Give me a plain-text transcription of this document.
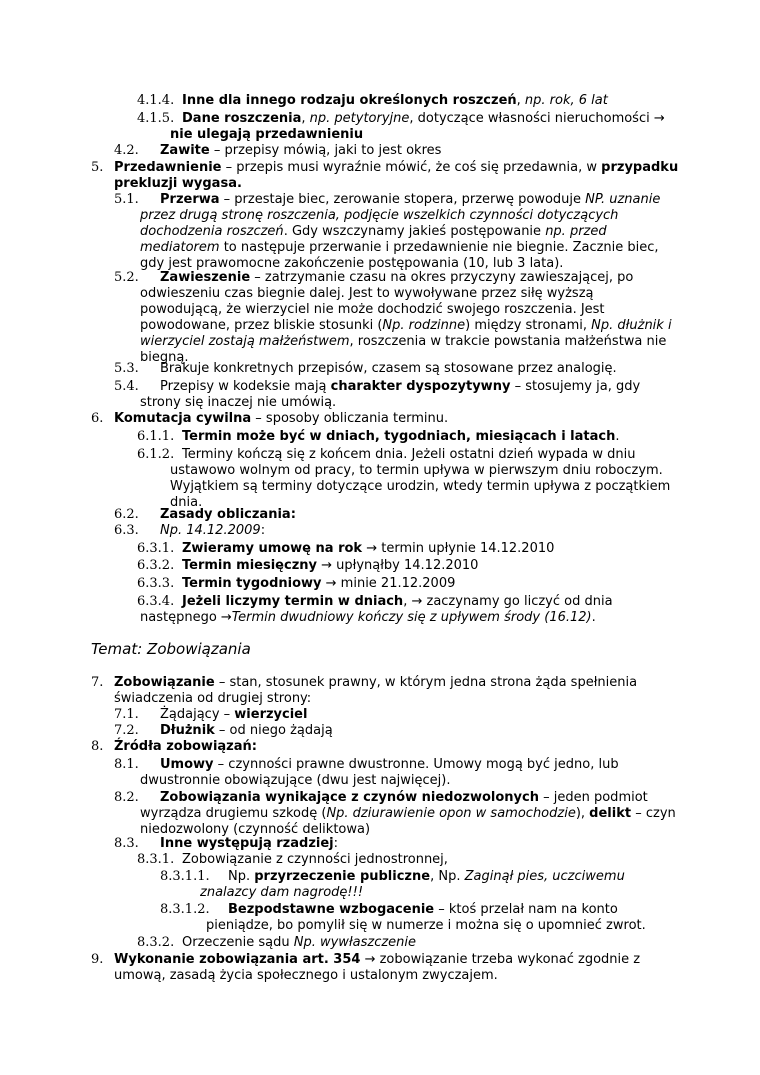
Temat: Zobowiązania
4.1.4. Inne dla innego rodzaju określonych roszczeń, np. rok, 6 lat
4.1.5. Dane roszczenia, np. petytoryjne, dotyczące własności nieruchomości →
nie ulegają przedawnieniu
4.2. Zawite – przepisy mówią, jaki to jest okres
5. Przedawnienie – przepis musi wyraźnie mówić, że coś się przedawnia, w przypadku
prekluzji wygasa.
5.1. Przerwa – przestaje biec, zerowanie stopera, przerwę powoduje NP. uznanie
przez drugą stronę roszczenia, podjęcie wszelkich czynności dotyczących
dochodzenia roszczeń. Gdy wszczynamy jakieś postępowanie np. przed
mediatorem to następuje przerwanie i przedawnienie nie biegnie. Zacznie biec,
gdy jest prawomocne zakończenie postępowania (10, lub 3 lata).
5.2. Zawieszenie – zatrzymanie czasu na okres przyczyny zawieszającej, po
odwieszeniu czas biegnie dalej. Jest to wywoływane przez siłę wyższą
powodującą, że wierzyciel nie może dochodzić swojego roszczenia. Jest
powodowane, przez bliskie stosunki (Np. rodzinne) między stronami, Np. dłużnik i
wierzyciel zostają małżeństwem, roszczenia w trakcie powstania małżeństwa nie
biegną.
5.3. Brakuje konkretnych przepisów, czasem są stosowane przez analogię.
5.4. Przepisy w kodeksie mają charakter dyspozytywny – stosujemy ja, gdy
strony się inaczej nie umówią.
6. Komutacja cywilna – sposoby obliczania terminu.
6.1.1. Termin może być w dniach, tygodniach, miesiącach i latach.
6.1.2. Terminy kończą się z końcem dnia. Jeżeli ostatni dzień wypada w dniu
ustawowo wolnym od pracy, to termin upływa w pierwszym dniu roboczym.
Wyjątkiem są terminy dotyczące urodzin, wtedy termin upływa z początkiem
dnia.
6.2. Zasady obliczania:
6.3. Np. 14.12.2009:
6.3.1. Zwieramy umowę na rok → termin upłynie 14.12.2010
6.3.2. Termin miesięczny → upłynąłby 14.12.2010
6.3.3. Termin tygodniowy → minie 21.12.2009
6.3.4. Jeżeli liczymy termin w dniach, → zaczynamy go liczyć od dnia
następnego →Termin dwudniowy kończy się z upływem środy (16.12).
7. Zobowiązanie – stan, stosunek prawny, w którym jedna strona żąda spełnienia
świadczenia od drugiej strony:
7.1. Żądający – wierzyciel
7.2. Dłużnik – od niego żądają
8. Źródła zobowiązań:
8.1. Umowy – czynności prawne dwustronne. Umowy mogą być jedno, lub
dwustronnie obowiązujące (dwu jest najwięcej).
8.2. Zobowiązania wynikające z czynów niedozwolonych – jeden podmiot
wyrządza drugiemu szkodę (Np. dziurawienie opon w samochodzie), delikt – czyn
niedozwolony (czynność deliktowa)
8.3. Inne występują rzadziej:
8.3.1. Zobowiązanie z czynności jednostronnej,
8.3.1.1. Np. przyrzeczenie publiczne, Np. Zaginął pies, uczciwemu
znalazcy dam nagrodę!!!
8.3.1.2. Bezpodstawne wzbogacenie – ktoś przelał nam na konto
pieniądze, bo pomylił się w numerze i można się o upomnieć zwrot.
8.3.2. Orzeczenie sądu Np. wywłaszczenie
9. Wykonanie zobowiązania art. 354 → zobowiązanie trzeba wykonać zgodnie z
umową, zasadą życia społecznego i ustalonym zwyczajem.
